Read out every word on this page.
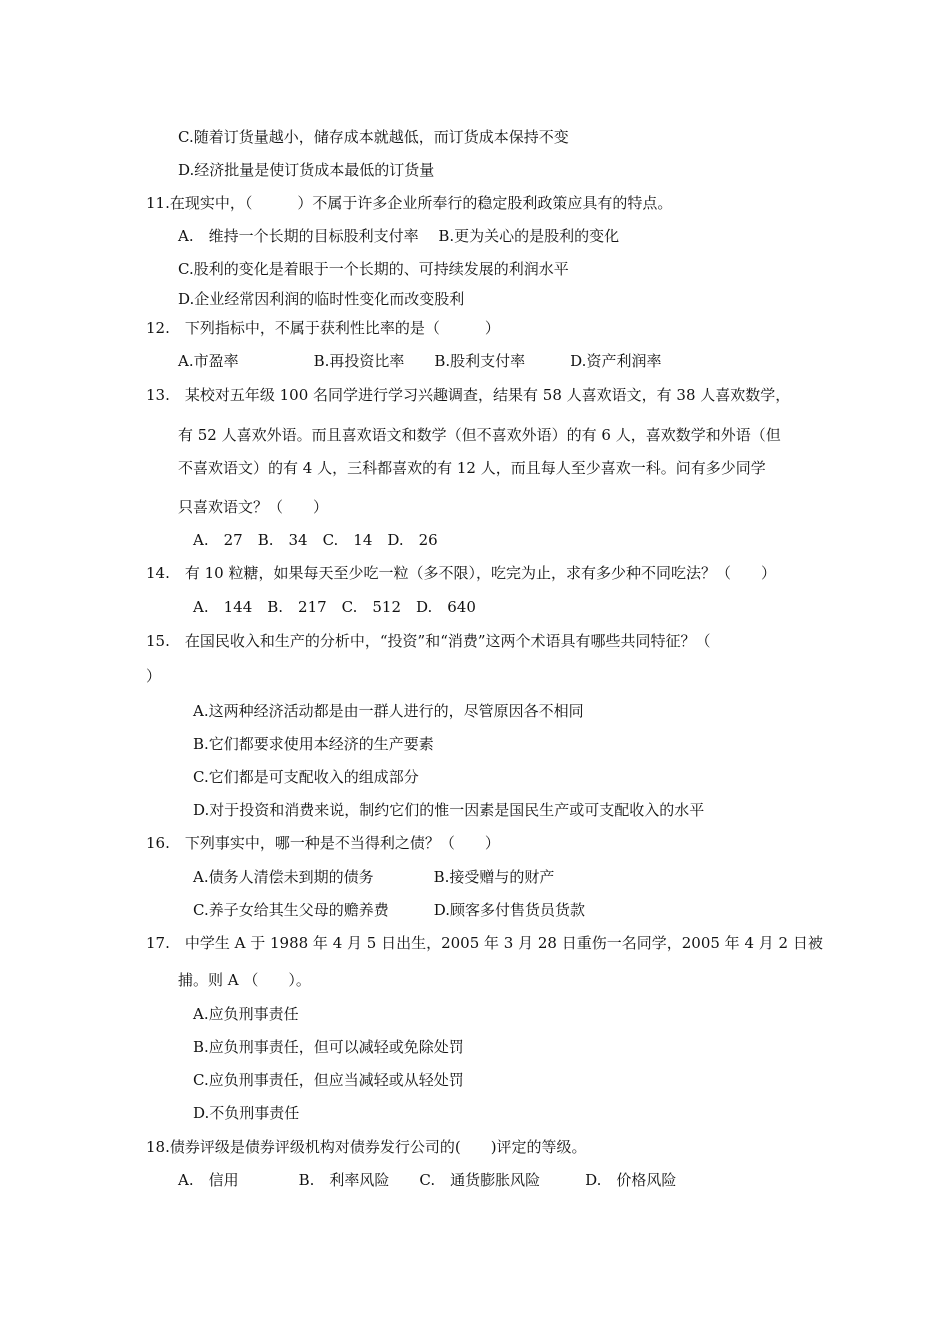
C.随着订货量越小，储存成本就越低，而订货成本保持不变
D.经济批量是使订货成本最低的订货量
11.在现实中，（　　　）不属于许多企业所奉行的稳定股利政策应具有的特点。
A.　维持一个长期的目标股利支付率　 B.更为关心的是股利的变化
C.股利的变化是着眼于一个长期的、可持续发展的利润水平
D.企业经常因利润的临时性变化而改变股利
12.　下列指标中，不属于获利性比率的是（　　　）
A.市盈率　　　　　B.再投资比率　　B.股利支付率　　　D.资产利润率
13.　某校对五年级 100 名同学进行学习兴趣调查，结果有 58 人喜欢语文，有 38 人喜欢数学，
有 52 人喜欢外语。而且喜欢语文和数学（但不喜欢外语）的有 6 人，喜欢数学和外语（但
不喜欢语文）的有 4 人，三科都喜欢的有 12 人，而且每人至少喜欢一科。问有多少同学
只喜欢语文？（　　）
A.　27　B.　34　C.　14　D.　26
14.　有 10 粒糖，如果每天至少吃一粒（多不限），吃完为止，求有多少种不同吃法？（　　）
A.　144　B.　217　C.　512　D.　640
15.　在国民收入和生产的分析中，“投资”和“消费”这两个术语具有哪些共同特征？（
）
A.这两种经济活动都是由一群人进行的，尽管原因各不相同
B.它们都要求使用本经济的生产要素
C.它们都是可支配收入的组成部分
D.对于投资和消费来说，制约它们的惟一因素是国民生产或可支配收入的水平
16.　下列事实中，哪一种是不当得利之债？（　　）
A.债务人清偿未到期的债务　　　　B.接受赠与的财产
C.养子女给其生父母的赡养费　　　D.顾客多付售货员货款
17.　中学生 A 于 1988 年 4 月 5 日出生，2005 年 3 月 28 日重伤一名同学，2005 年 4 月 2 日被
捕。则 A （　　）。
A.应负刑事责任
B.应负刑事责任，但可以减轻或免除处罚
C.应负刑事责任，但应当减轻或从轻处罚
D.不负刑事责任
18.债券评级是债券评级机构对债券发行公司的(　　)评定的等级。
A.　信用　　　　B.　利率风险　　C.　通货膨胀风险　　　D.　价格风险
